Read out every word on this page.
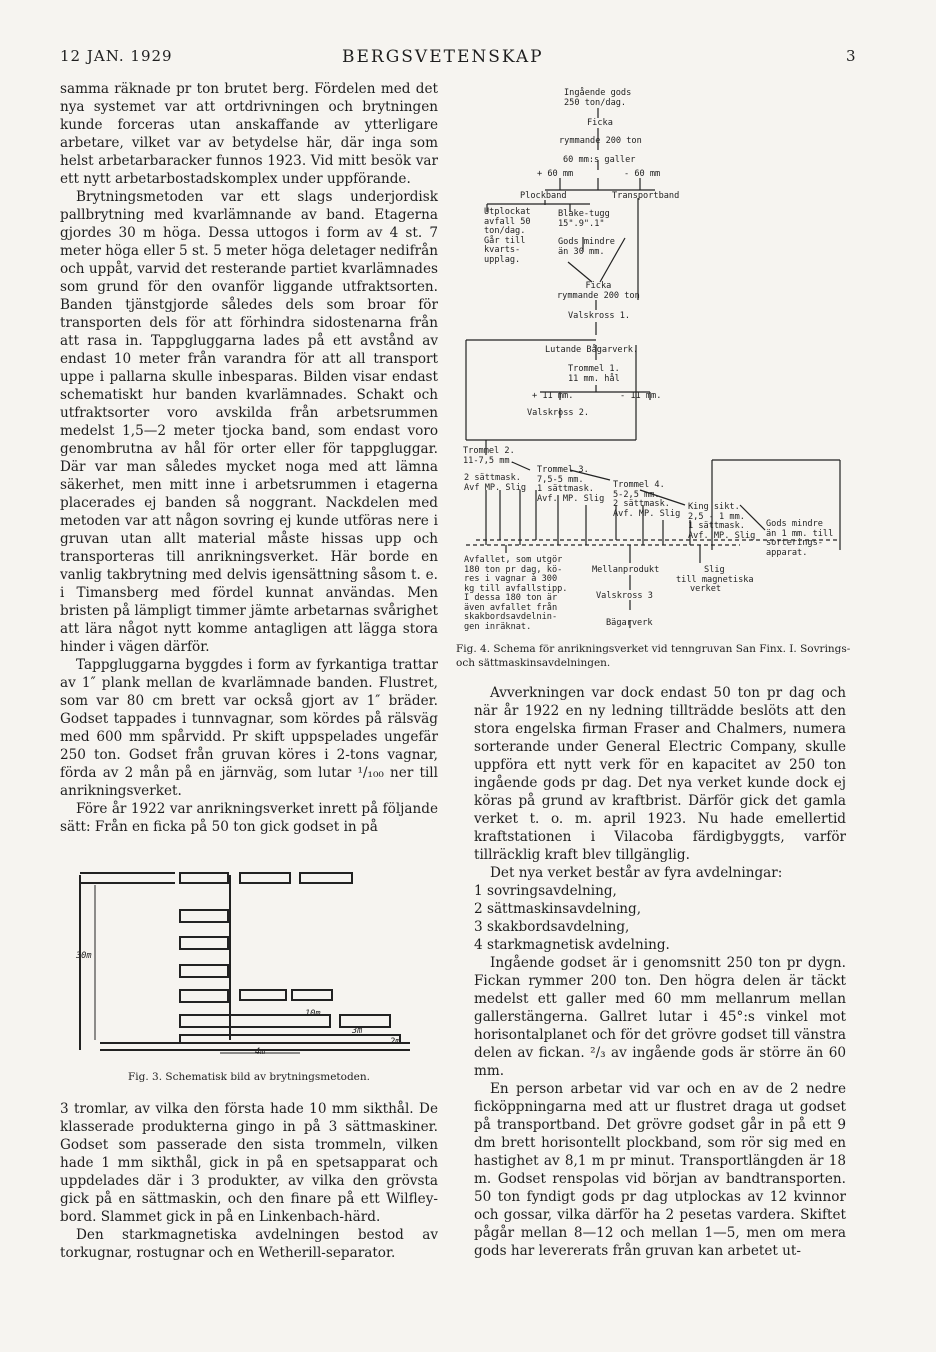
12 JAN. 1929	BERGSVETENSKAP	3

samma räknade pr ton brutet berg. Fördelen med det nya systemet var att ortdrivningen och brytningen kunde forceras utan anskaffande av ytterligare arbetare, vilket var av betydelse här, där inga som helst arbetarbaracker funnos 1923. Vid mitt besök var ett nytt arbetarbostadskomplex under uppförande.

Brytningsmetoden var ett slags underjordisk pallbrytning med kvarlämnande av band. Etagerna gjordes 30 m höga. Dessa uttogos i form av 4 st. 7 meter höga eller 5 st. 5 meter höga deletager nedifrån och uppåt, varvid det resterande partiet kvarlämnades som grund för den ovanför liggande utfraktsorten. Banden tjänstgjorde således dels som broar för transporten dels för att förhindra sidostenarna från att rasa in. Tappgluggarna lades på ett avstånd av endast 10 meter från varandra för att all transport uppe i pallarna skulle inbesparas. Bilden visar endast schematiskt hur banden kvarlämnades. Schakt och utfraktsorter voro avskilda från arbetsrummen medelst 1,5—2 meter tjocka band, som endast voro genombrutna av hål för orter eller för tappgluggar. Där var man således mycket noga med att lämna säkerhet, men mitt inne i arbetsrummen i etagerna placerades ej banden så noggrant. Nackdelen med metoden var att någon sovring ej kunde utföras nere i gruvan utan allt material måste hissas upp och transporteras till anrikningsverket. Här borde en vanlig takbrytning med delvis igensättning såsom t. e. i Timansberg med fördel kunnat användas. Men bristen på lämpligt timmer jämte arbetarnas svårighet att lära något nytt komme antagligen att lägga stora hinder i vägen därför.

Tappgluggarna byggdes i form av fyrkantiga trattar av 1″ plank mellan de kvarlämnade banden. Flustret, som var 80 cm brett var också gjort av 1″ bräder. Godset tappades i tunnvagnar, som kördes på rälsväg med 600 mm spårvidd. Pr skift uppspelades ungefär 250 ton. Godset från gruvan köres i 2-tons vagnar, förda av 2 mån på en järnväg, som lutar ¹/₁₀₀ ner till anrikningsverket.

Före år 1922 var anrikningsverket inrett på följande sätt: Från en ficka på 50 ton gick godset in på

30m
10m
3m
2m
4m
Fig. 3. Schematisk bild av brytningsmetoden.

3 tromlar, av vilka den första hade 10 mm sikthål. De klasserade produkterna gingo in på 3 sättmaskiner. Godset som passerade den sista trommeln, vilken hade 1 mm sikthål, gick in på en spetsapparat och uppdelades där i 3 produkter, av vilka den grövsta gick på en sättmaskin, och den finare på ett Wilfley-bord. Slammet gick in på en Linkenbach-härd.

Den starkmagnetiska avdelningen bestod av torkugnar, rostugnar och en Wetherill-separator.

Ingående gods
250 ton/dag.
Ficka
rymmande 200 ton
60 mm:s galler
+ 60 mm	- 60 mm
Plockband	Transportband
Utplockat
avfall 50
ton/dag.
Går till
kvarts-
upplag.
Blake-tugg
15".9".1"
Gods mindre
än 30 mm.
Ficka
rymmande 200 ton
Valskross 1.
Lutande Bågarverk.
Trommel 1.
11 mm. hål
+ 11 mm.	- 11 mm.
Valskross 2.
Trommel 2.
11-7,5 mm.
2 sättmask.
Avf MP. Slig
Trommel 3.
7,5-5 mm.
1 sättmask.
Avf. MP. Slig
Trommel 4.
5-2,5 mm.
2 sättmask.
Avf. MP. Slig
King sikt.
2,5 - 1 mm.
1 sättmask.
Avf. MP. Slig
Gods mindre
än 1 mm. till
sorterings-
apparat.
Avfallet, som utgör
180 ton pr dag, kö-
res i vagnar à 300
kg till avfallstipp.
I dessa 180 ton är
även avfallet från
skakbordsavdelnin-
gen inräknat.
Mellanprodukt	Slig
till magnetiska
verket
Valskross 3
Bägarverk
Fig. 4. Schema för anrikningsverket vid tenngruvan San Finx. I. Sovrings- och sättmaskinsavdelningen.

Avverkningen var dock endast 50 ton pr dag och när år 1922 en ny ledning tillträdde beslöts att den stora engelska firman Fraser and Chalmers, numera sorterande under General Electric Company, skulle uppföra ett nytt verk för en kapacitet av 250 ton ingående gods pr dag. Det nya verket kunde dock ej köras på grund av kraftbrist. Därför gick det gamla verket t. o. m. april 1923. Nu hade emellertid kraftstationen i Vilacoba färdigbyggts, varför tillräcklig kraft blev tillgänglig.

Det nya verket består av fyra avdelningar:

1 sovringsavdelning,
2 sättmaskinsavdelning,
3 skakbordsavdelning,
4 starkmagnetisk avdelning.

Ingående godset är i genomsnitt 250 ton pr dygn. Fickan rymmer 200 ton. Den högra delen är täckt medelst ett galler med 60 mm mellanrum mellan gallerstängerna. Gallret lutar i 45°:s vinkel mot horisontalplanet och för det grövre godset till vänstra delen av fickan. ²/₃ av ingående gods är större än 60 mm.

En person arbetar vid var och en av de 2 nedre ficköppningarna med att ur flustret draga ut godset på transportband. Det grövre godset går in på ett 9 dm brett horisontellt plockband, som rör sig med en hastighet av 8,1 m pr minut. Transportlängden är 18 m. Godset renspolas vid början av bandtransporten. 50 ton fyndigt gods pr dag utplockas av 12 kvinnor och gossar, vilka därför ha 2 pesetas vardera. Skiftet pågår mellan 8—12 och mellan 1—5, men om mera gods har levererats från gruvan kan arbetet ut-
